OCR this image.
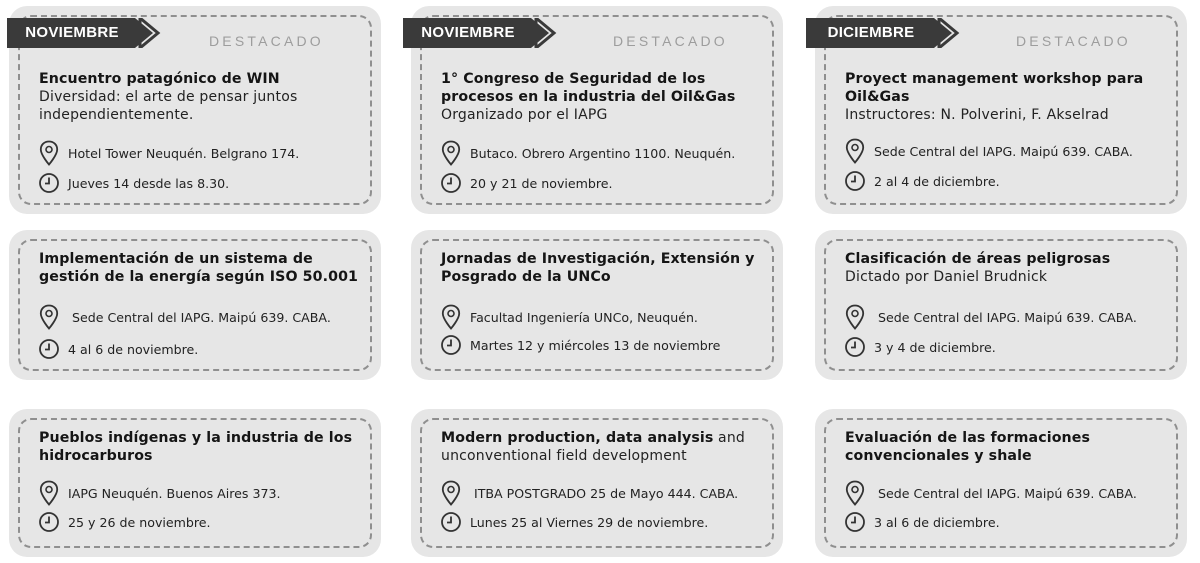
DESTACADO
NOVIEMBRE
Encuentro patagónico de WIN
Diversidad: el arte de pensar juntos independientemente.
Hotel Tower Neuquén. Belgrano 174.
Jueves 14 desde las 8.30.
DESTACADO
NOVIEMBRE
1° Congreso de Seguridad de los procesos en la industria del Oil&Gas
Organizado por el IAPG
Butaco. Obrero Argentino 1100. Neuquén.
20 y 21 de noviembre.
DESTACADO
DICIEMBRE
Proyect management workshop para Oil&Gas
Instructores: N. Polverini, F. Akselrad
Sede Central del IAPG. Maipú 639. CABA.
2 al 4 de diciembre.
Implementación de un sistema de gestión de la energía según ISO 50.001
Sede Central del IAPG. Maipú 639. CABA.
4 al 6 de noviembre.
Jornadas de Investigación, Extensión y Posgrado de la UNCo
Facultad Ingeniería UNCo, Neuquén.
Martes 12 y miércoles 13 de noviembre
Clasificación de áreas peligrosas
Dictado por Daniel Brudnick
Sede Central del IAPG. Maipú 639. CABA.
3 y 4 de diciembre.
Pueblos indígenas y la industria de los hidrocarburos
IAPG Neuquén. Buenos Aires 373.
25 y 26 de noviembre.
Modern production, data analysis and
unconventional field development
ITBA POSTGRADO 25 de Mayo 444. CABA.
Lunes 25 al Viernes 29 de noviembre.
Evaluación de las formaciones convencionales y shale
Sede Central del IAPG. Maipú 639. CABA.
3 al 6 de diciembre.
